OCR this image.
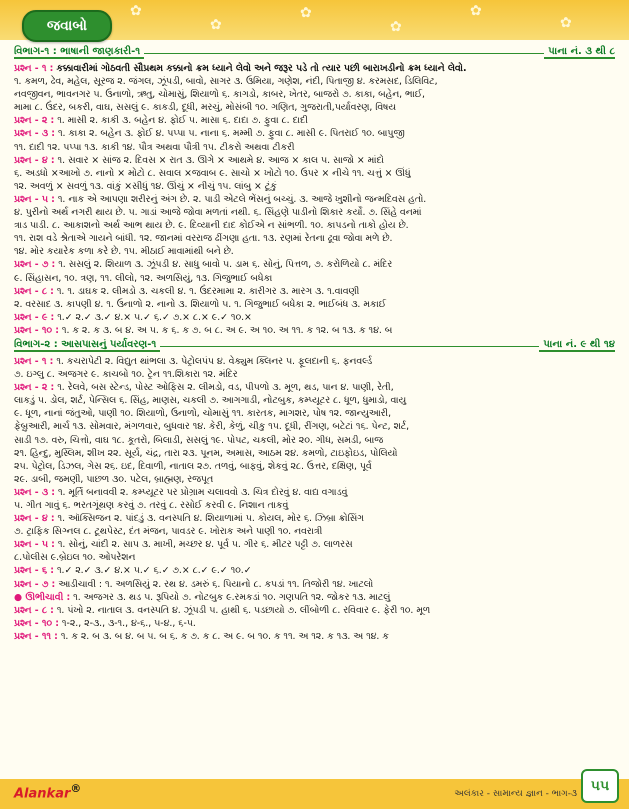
✿
✿
✿
✿
✿
✿
જવાબો
વિભાગ-૧ : ભાષાની જાણકારી-૧	પાના નં. ૩ થી ૮
પ્રશ્ન - ૧ : કક્કાવારીમાં ગોઠવતી સૌપ્રથમ કક્કાનો ક્રમ ધ્યાને લેવો અને જરૂર પડે તો ત્યાર પછી બારાખડીનો ક્રમ ધ્યાને લેવો.
૧. કમળ, ઢેવ, મહેલ, સૂરજ ૨. જંગલ, ઝૂંપડી, બાવો, સાગર ૩. ઉમિયા, ગણેશ, નંદી, પિતાજી ૪. કરમસદ, ડિલિવિટ,
નવજીવન, ભાવનગર ૫. ઉનાળો, ઋતુ, ચોમાસું, શિયાળો ૬. કાગડો, કાબર, ખેતર, બાજરો ૭. કાકા, બહેન, ભાઈ,
મામા ૮. ઉંદર, બકરી, વાઘ, સસલું ૯. કાકડી, દૂધી, મરચું, મોસંબી ૧૦. ગણિત, ગુજરાતી,પર્યાવરણ, વિષય
પ્રશ્ન - ૨ : ૧. માસી ૨. કાકી ૩. બહેન ૪. ફોઈ ૫. માસા ૬. દાદા ૭. ફુવા ૮. દાદી
પ્રશ્ન - ૩ : ૧. કાકા ૨. બહેન ૩. ફોઈ ૪. પપ્પા ૫. નાના ૬. મમ્મી ૭. ફુવા ૮. માસી ૯. પિતરાઈ ૧૦. બાપુજી
૧૧. દાદી ૧૨. પપ્પા ૧૩. કાકી ૧૪. પૌત્ર અથવા પૌત્રી ૧૫. ટીકરો અથવા ટીકરી
પ્રશ્ન - ૪ : ૧. સવાર × સાંજ ૨. દિવસ × રાત ૩. ઊગે × આથમે ૪. આજ × કાલ ૫. સાજો × માંદો
૬. અડધો ×આખો ૭. નાનો × મોટો ૮. સવાલ ×જવાબ ૯. સાચો × ખોટો ૧૦. ઉપર × નીચે ૧૧. ચત્તું × ઊંધું
૧૨. અવળું × સવળું ૧૩. વાંકું ×સીધું ૧૪. ઊંચું × નીચું ૧૫. લાંબુ × ટૂંકું
પ્રશ્ન - ૫ : ૧. નાક એ આપણા શરીરનું અંગ છે. ૨. પાડી એટલે ભેંસનું બચ્ચું. ૩. આજે ખુશીનો જન્મદિવસ હતો.
૪. પુરીનો અર્થ નગરી થાય છે. ૫. ગાડાં આજે જોવા મળતાં નથી. ૬. સિંહણે પાડીનો શિકાર કર્યો. ૭. સિંહે વનમાં
ત્રાડ પાડી. ૮. આકાશનો અર્થ આભ થાય છે. ૯. દિવ્યાની દાદ કોઈએ ન સાંભળી. ૧૦. કાપડનો તાકો હોય છે.
૧૧. રાશ વડે શ્રેતાએ ગાયને બાંધી. ૧૨. જાનમાં વરરાજ ઢીંગણા હતા. ૧૩. રણમાં રેતના ઢૂવા જોવા મળે છે.
૧૪. મોર કયારેક કળા કરે છે. ૧૫. મીઠાઈ માવામાંથી બને છે.
પ્રશ્ન - ૭ : ૧. સસલું ૨. શિયાળ ૩. ઝૂંપડી ૪. સાધુ બાવો ૫. ડામ ૬. સોનું, પિત્તળ, ૭. કરોળિયો ૮. મંદિર
૯. સિંહાસન, ૧૦. ત્રણ, ૧૧. લીલો, ૧૨. અળસિયું, ૧૩. ગિજુભાઈ બધેકા
પ્રશ્ન - ૮ : ૧. ૧. ડાઘક ૨. લીમડો ૩. ચકલી ૪. ૧. ઉંદરમામા ૨. કારીગર ૩. મારગ ૩. ૧.વાવણી
૨. વરસાદ ૩. કાપણી ૪. ૧. ઉનાળો ૨. નાનો ૩. શિયાળો ૫. ૧. ગિજુભાઈ બધેકા ૨. ભાઈબંધ ૩. મકાઈ
પ્રશ્ન - ૯ : ૧.✓ ૨.✓ ૩.✓ ૪.× ૫.✓ ૬.✓ ૭.× ૮.× ૯.✓ ૧૦.×
પ્રશ્ન - ૧૦ : ૧. ક ૨. ક ૩. બ ૪. અ ૫. ક ૬. ક ૭. બ ૮. અ ૯. અ ૧૦. અ ૧૧. ક ૧૨. બ ૧૩. ક ૧૪. બ
વિભાગ-૨ : આસપાસનું પર્યાવરણ-૧	પાના નં. ૯ થી ૧૪
પ્રશ્ન - ૧ : ૧. કચરાપેટી ૨. વિદ્યુત થાંભલા ૩. પેટ્રોલપંપ ૪. વેક્યુમ ક્લિનર ૫. ફૂલદાની ૬. ફનવર્લ્ડ
૭. ઇગ્લુ ૮. અજગર ૯. કાચબો ૧૦. ટ્રેન ૧૧.શિકારા ૧૨. મંદિર
પ્રશ્ન - ૨ : ૧. રેલવે, બસ સ્ટેન્ડ, પોસ્ટ ઓફિસ ૨. લીમડો, વડ, પીપળો ૩. મૂળ, થડ, પાન ૪. પાણી, રેતી,
લાકડું ૫. ડોલ, શર્ટ, પેન્સિલ ૬. સિંહ, માણસ, ચકલી ૭. આગગાડી, નોટબુક, કમ્પ્યૂટર ૮. ધૂળ, ધુમાડો, વાયુ
૯. ધૂળ, નાનાં જંતુઓ, પાણી ૧૦. શિયાળો, ઉનાળો, ચોમાસું ૧૧. કારતક, માગશર, પોષ ૧૨. જાન્યુઆરી,
ફેબ્રુઆરી, માર્ચ ૧૩. સોમવાર, મંગળવાર, બુધવાર ૧૪. કેરી, કેળું, ચીકુ ૧૫. દૂધી, રીંગણ, બટેટાં ૧૬. પેન્ટ, શર્ટ,
સાડી ૧૭. વરુ, ચિત્તો, વાઘ ૧૮. કૂતરો, બિલાડી, સસલું ૧૯. પોપટ, ચકલી, મોર ૨૦. ગીધ, સમડી, બાજ
૨૧. હિન્દુ, મુસ્લિમ, શીખ ૨૨. સૂર્ય, ચંદ્ર, તારા ૨૩. પૂનમ, અમાસ, આઠમ ૨૪. કમળો, ટાઇફોઇડ, પોલિયો
૨૫. પેટ્રોલ, ડિઝલ, ગેસ ૨૬. ઇદ, દિવાળી, નાતાલ ૨૭. તળવું, બાફવું, શેકવું ૨૮. ઉત્તર, દક્ષિણ, પૂર્વ
૨૯. ડાબી, જમણી, પાછળ ૩૦. પટેલ, બ્રાહ્મણ, રજપૂત
પ્રશ્ન - ૩ : ૧. મૂર્તિ બનાવવી ૨. કમ્પ્યૂટર પર પ્રોગ્રામ ચલાવવો ૩. ચિત્ર દોરવું ૪. વાદ્ય વગાડવું
૫. ગીત ગાવું ૬. ભરતગૂંથણ કરવું ૭. તરવું ૮. રસોઈ કરવી ૯. નિશાન તાકવું
પ્રશ્ન - ૪ : ૧. ઑક્સિજન ૨. પાંદડું ૩. વનસ્પતિ ૪. શિયાળામાં ૫. કોયલ, મોર ૬. ઝિબ્રા ક્રોસિંગ
૭. ટ્રાફિક સિગ્નલ ૮. ટૂથપેસ્ટ, દંત મંજન, પાવડર ૯. ખોરાક અને પાણી ૧૦. નવરાત્રી
પ્રશ્ન - ૫ : ૧. સોનું, ચાંદી ૨. સાપ ૩. માખી, મચ્છર ૪. પૂર્વ ૫. ગીર ૬. મીટર પટ્ટી ૭. લાળરસ
૮.પોલીસ ૯.બ્રેઇલ ૧૦. ઓપરેશન
પ્રશ્ન - ૬ : ૧.✓ ૨.✓ ૩.✓ ૪.× ૫.✓ ૬.✓ ૭.× ૮.✓ ૯.✓ ૧૦.✓
પ્રશ્ન - ૭ : આડીચાવી : ૧. અળસિયું ૨. રથ ૪. ડમરું ૬. પિયાનો ૮. કપડાં ૧૧. તિજોરી ૧૪. ખાટલો
● ઊભીચાવી : ૧. અજગર ૩. થડ ૫. રૂપિયો ૭. નોટબુક ૯.રમકડાં ૧૦. ગણપતિ ૧૨. જોકર ૧૩. માટલું
પ્રશ્ન - ૮ : ૧. પંખો ૨. નાતાલ ૩. વનસ્પતિ ૪. ઝૂંપડી ૫. હાથી ૬. પડછાયો ૭. લીંબોળી ૮. રવિવાર ૯. ફેરી ૧૦. મૂળ
પ્રશ્ન - ૧૦ : ૧-૨., ૨-૩., ૩-૧., ૪-૬., ૫-૪., ૬-૫.
પ્રશ્ન - ૧૧ : ૧. ક ૨. બ ૩. બ ૪. બ ૫. બ ૬. ક ૭. ક ૮. અ ૯. બ ૧૦. ક ૧૧. અ ૧૨. ક ૧૩. અ ૧૪. ક
Alankar®	અલંકાર - સામાન્ય જ્ઞાન - ભાગ-૩ ૫૫
